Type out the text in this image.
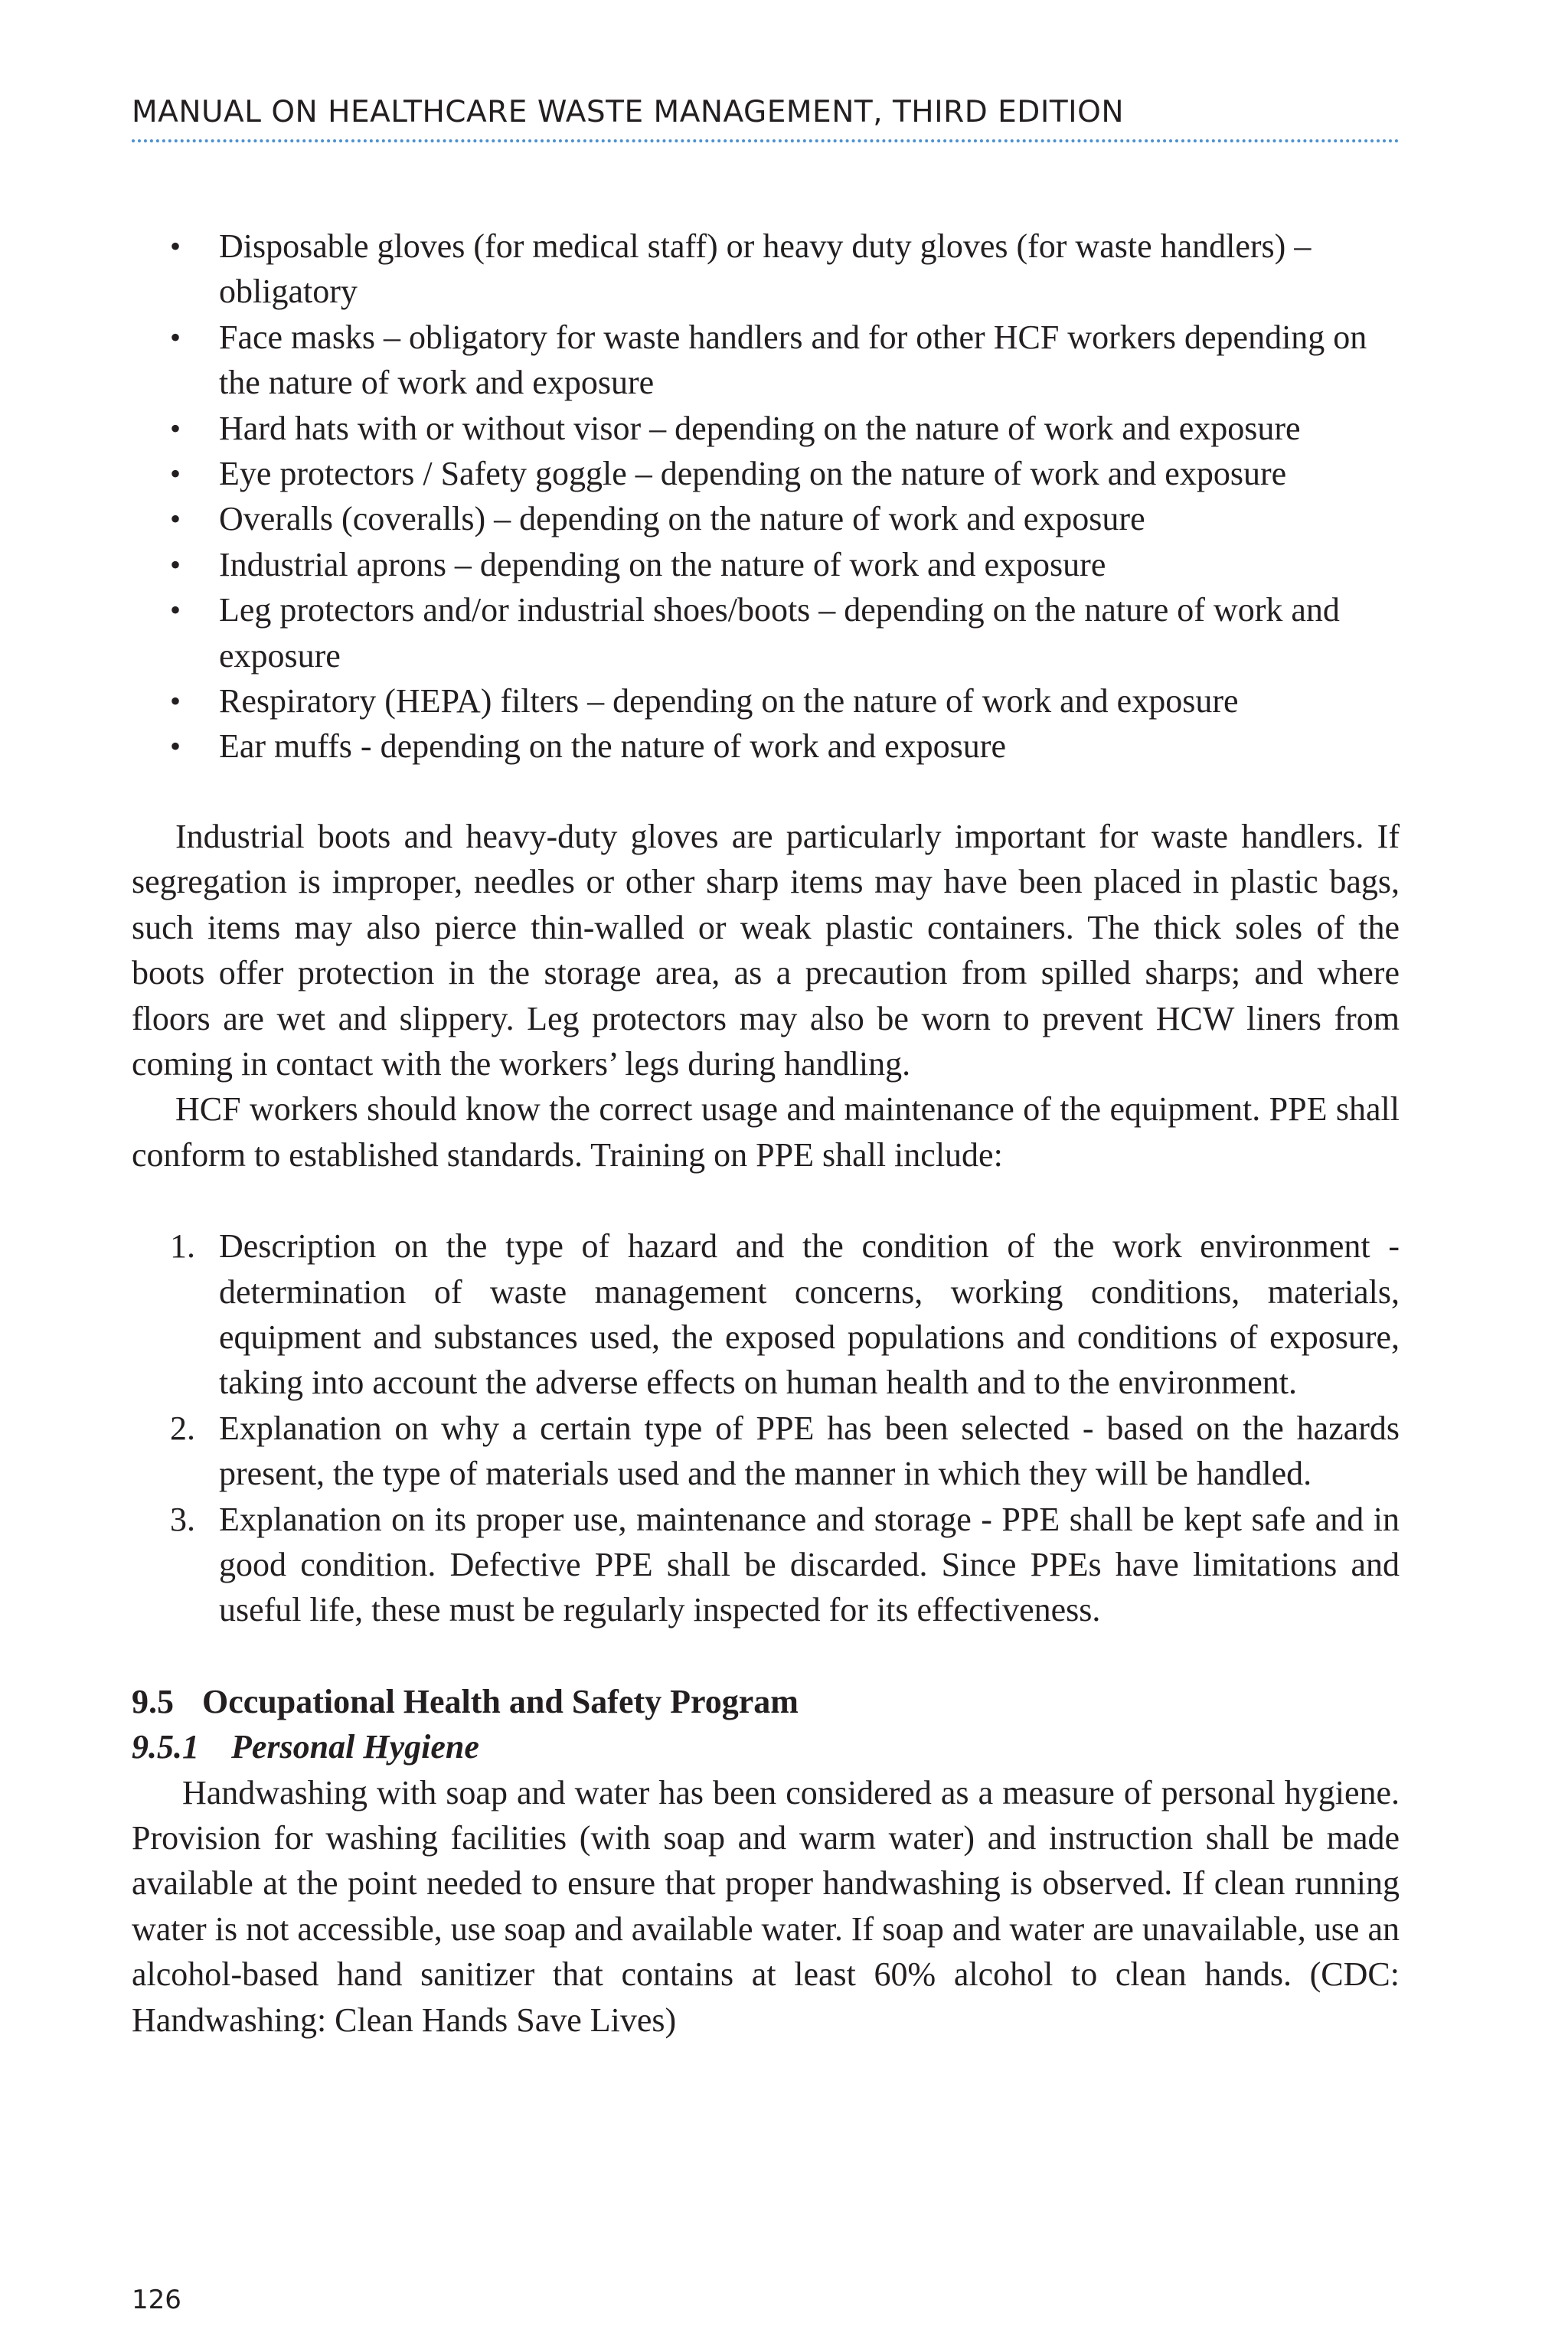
MANUAL ON HEALTHCARE WASTE MANAGEMENT, THIRD EDITION
• Disposable gloves (for medical staff) or heavy duty gloves (for waste handlers) – obligatory
• Face masks – obligatory for waste handlers and for other HCF workers depending on the nature of work and exposure
• Hard hats with or without visor – depending on the nature of work and exposure
• Eye protectors / Safety goggle – depending on the nature of work and exposure
• Overalls (coveralls) – depending on the nature of work and exposure
• Industrial aprons – depending on the nature of work and exposure
• Leg protectors and/or industrial shoes/boots – depending on the nature of work and exposure
• Respiratory (HEPA) filters – depending on the nature of work and exposure
• Ear muffs - depending on the nature of work and exposure

Industrial boots and heavy-duty gloves are particularly important for waste handlers. If segregation is improper, needles or other sharp items may have been placed in plastic bags, such items may also pierce thin-walled or weak plastic containers. The thick soles of the boots offer protection in the storage area, as a precaution from spilled sharps; and where floors are wet and slippery. Leg protectors may also be worn to prevent HCW liners from coming in contact with the workers’ legs during handling.

HCF workers should know the correct usage and maintenance of the equipment. PPE shall conform to established standards. Training on PPE shall include:

1. Description on the type of hazard and the condition of the work environment - determination of waste management concerns, working conditions, materials, equipment and substances used, the exposed populations and conditions of exposure, taking into account the adverse effects on human health and to the environment.
2. Explanation on why a certain type of PPE has been selected - based on the hazards present, the type of materials used and the manner in which they will be handled.
3. Explanation on its proper use, maintenance and storage - PPE shall be kept safe and in good condition. Defective PPE shall be discarded. Since PPEs have limitations and useful life, these must be regularly inspected for its effectiveness.

9.5 Occupational Health and Safety Program

9.5.1 Personal Hygiene

Handwashing with soap and water has been considered as a measure of personal hygiene. Provision for washing facilities (with soap and warm water) and instruction shall be made available at the point needed to ensure that proper handwashing is observed. If clean running water is not accessible, use soap and available water. If soap and water are unavailable, use an alcohol-based hand sanitizer that contains at least 60% alcohol to clean hands. (CDC: Handwashing: Clean Hands Save Lives)

126
